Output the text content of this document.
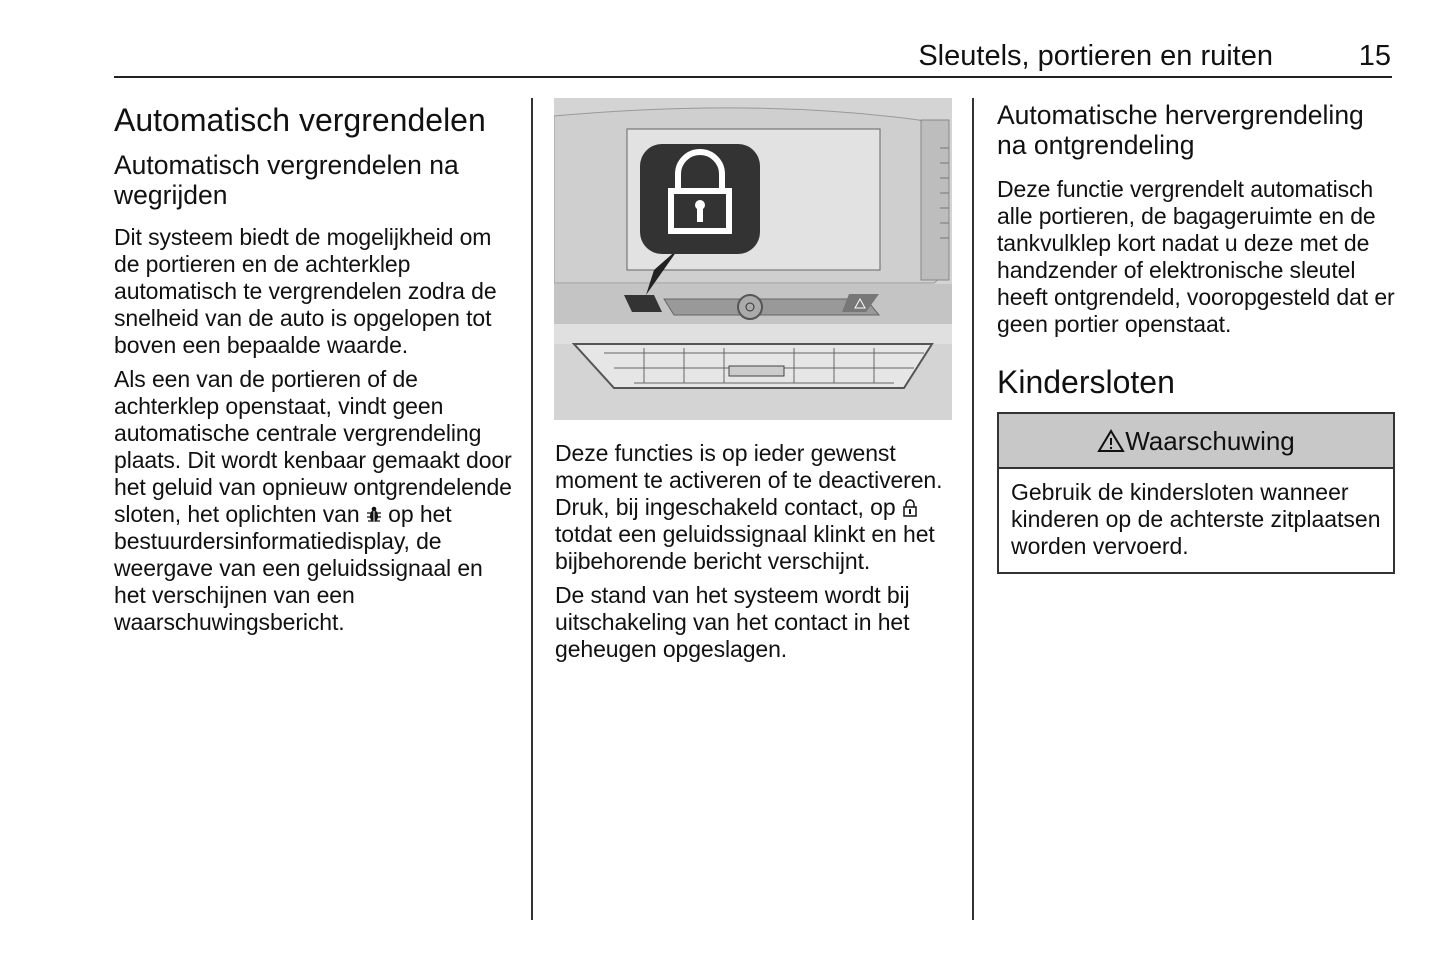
Sleutels, portieren en ruiten	15
Automatisch vergrendelen
Automatisch vergrendelen na wegrijden

Dit systeem biedt de mogelijkheid om de portieren en de achterklep automatisch te vergrendelen zodra de snelheid van de auto is opgelopen tot boven een bepaalde waarde.

Als een van de portieren of de achterklep openstaat, vindt geen automatische centrale vergrendeling plaats. Dit wordt kenbaar gemaakt door het geluid van opnieuw ontgrendelende sloten, het oplichten van  op het bestuurdersinformatiedisplay, de weergave van een geluidssignaal en het verschijnen van een waarschuwingsbericht.

Deze functies is op ieder gewenst moment te activeren of te deactiveren. Druk, bij ingeschakeld contact, op  totdat een geluidssignaal klinkt en het bijbehorende bericht verschijnt.

De stand van het systeem wordt bij uitschakeling van het contact in het geheugen opgeslagen.

Automatische hervergrendeling na ontgrendeling

Deze functie vergrendelt automatisch alle portieren, de bagageruimte en de tankvulklep kort nadat u deze met de handzender of elektronische sleutel heeft ontgrendeld, vooropgesteld dat er geen portier openstaat.

Kindersloten
Waarschuwing
Gebruik de kindersloten wanneer kinderen op de achterste zitplaatsen worden vervoerd.
